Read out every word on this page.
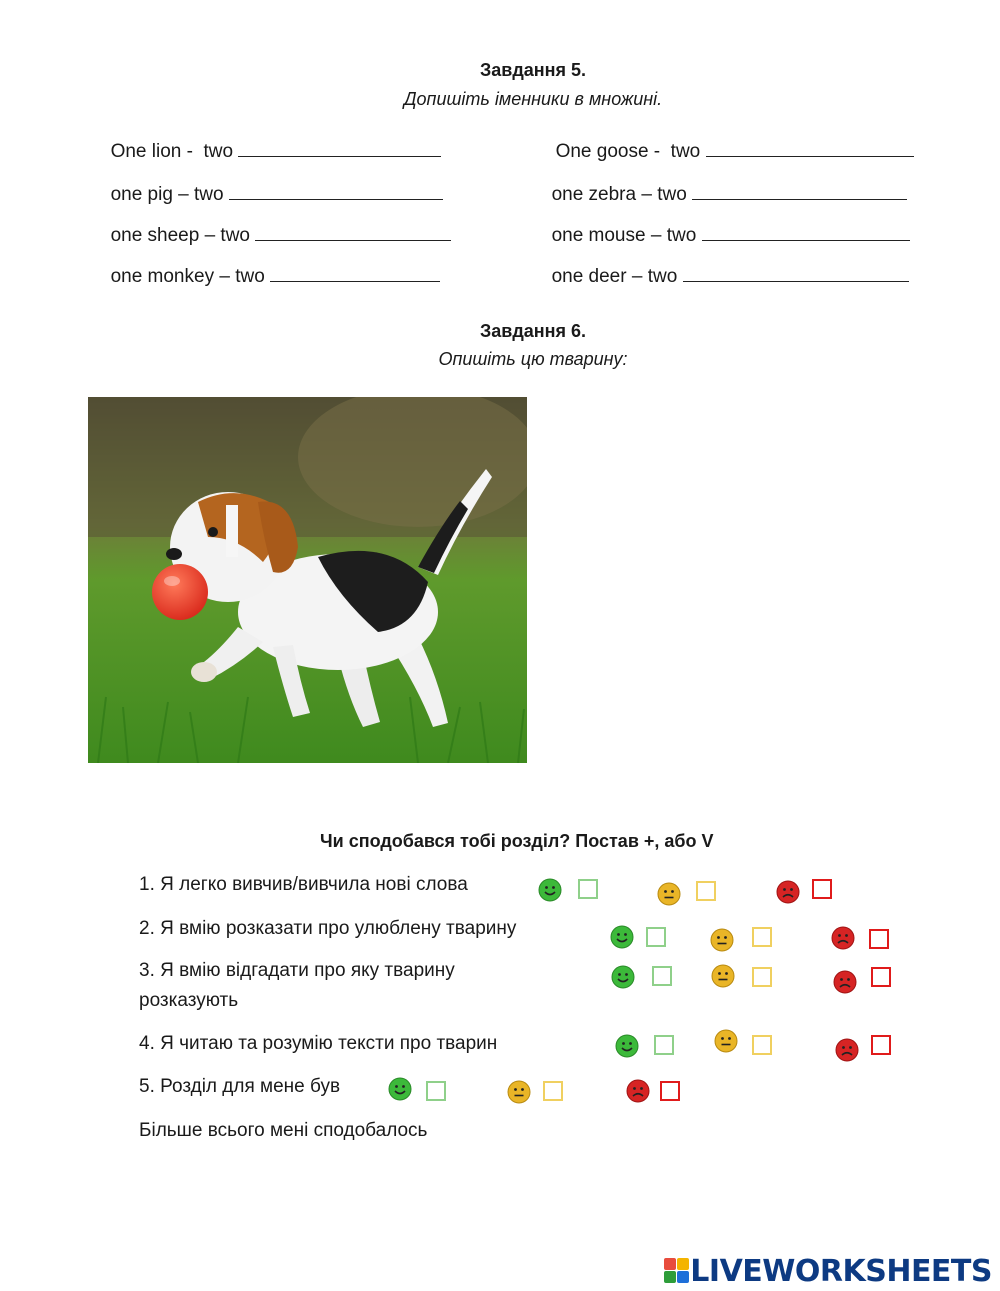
Завдання 5.
Допишіть іменники в множині.

One lion -  two	One goose -  two

one pig – two	one zebra – two

one sheep – two	one mouse – two

one monkey – two	one deer – two

Завдання 6.
Опишіть цю тварину:
Чи сподобався тобі розділ? Постав +, або V
1. Я легко вивчив/вивчила нові слова
2. Я вмію розказати про улюблену тварину
3. Я вмію відгадати про яку тварину
розказують
4. Я читаю та розумію тексти про тварин
5. Розділ для мене був
Більше всього мені сподобалось
LIVEWORKSHEETS
